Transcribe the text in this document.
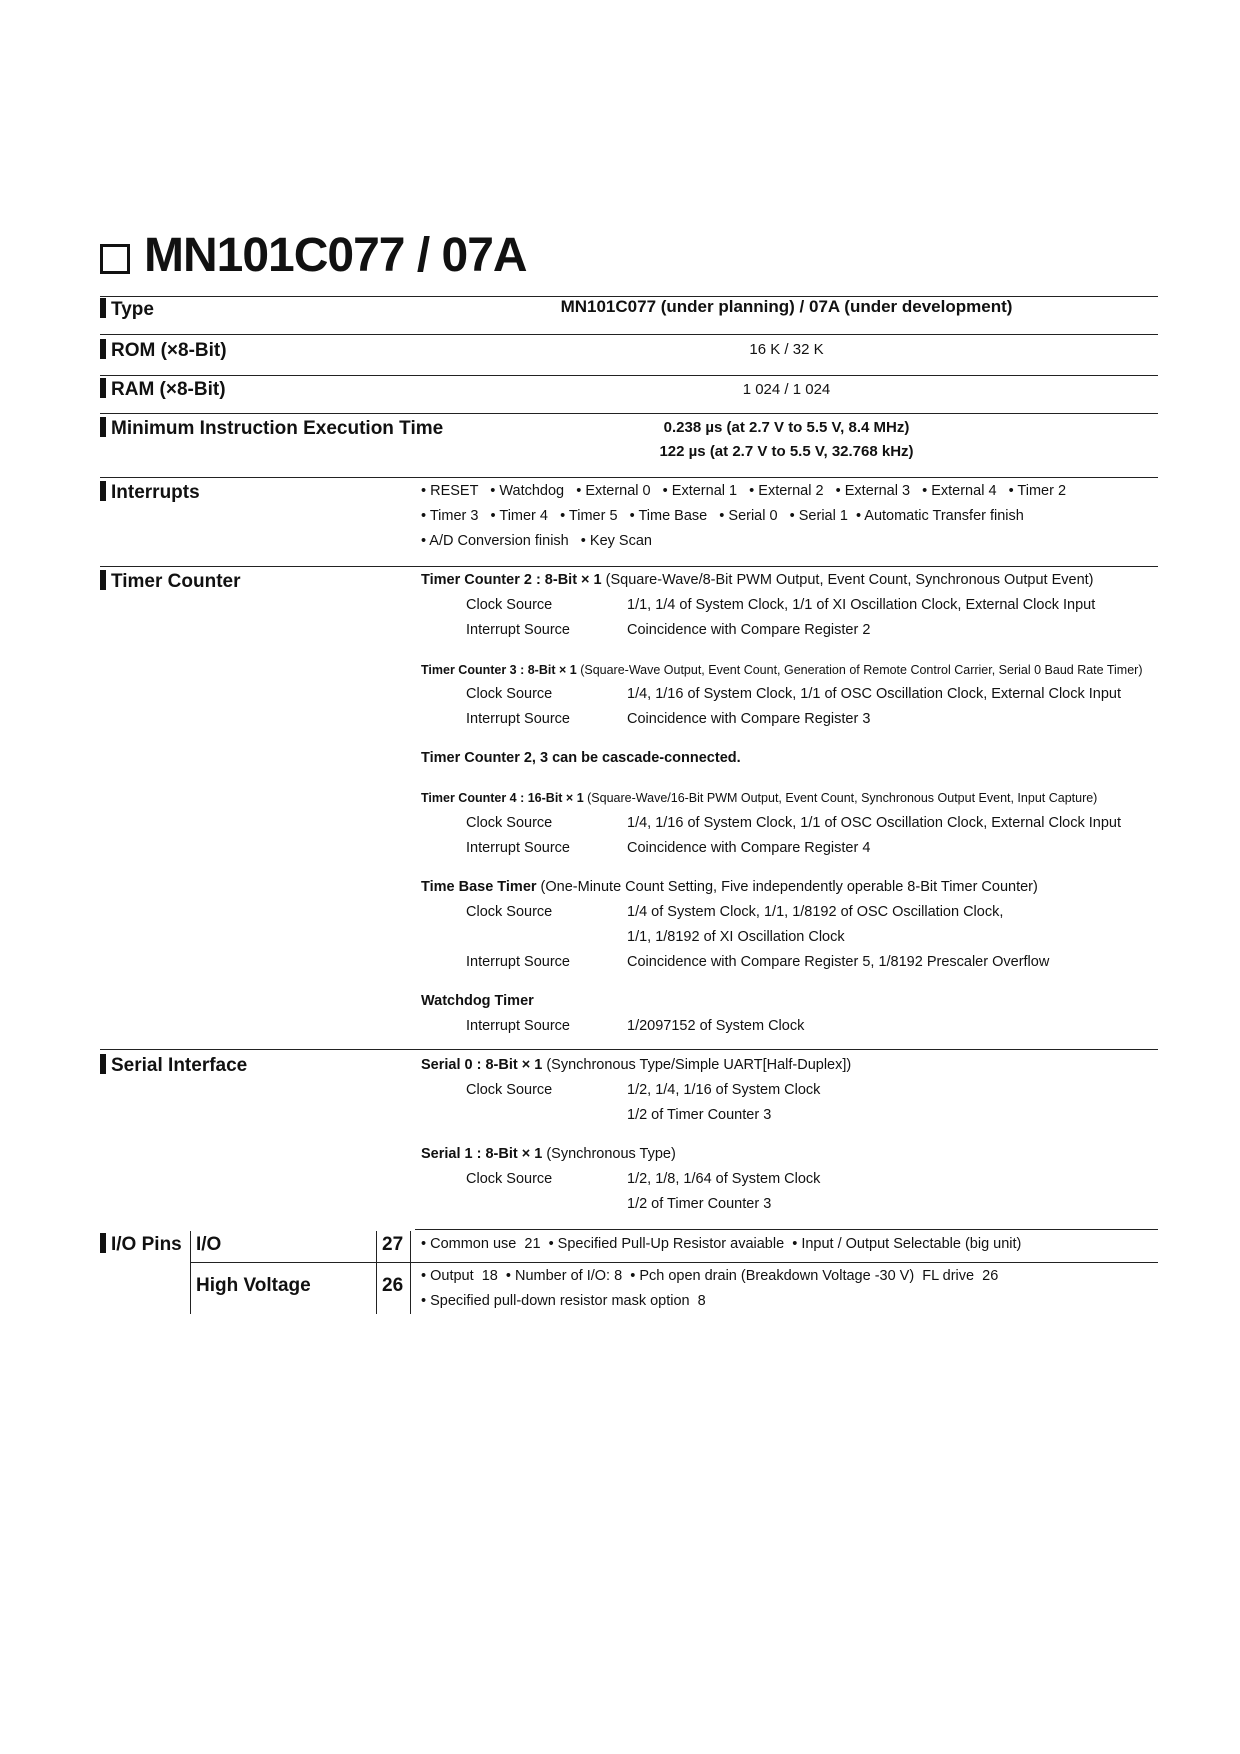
MN101C077 / 07A
Type	MN101C077 (under planning) / 07A (under development)
ROM (×8-Bit)	16 K / 32 K
RAM (×8-Bit)	1 024 / 1 024
Minimum Instruction Execution Time	0.238 µs (at 2.7 V to 5.5 V, 8.4 MHz)
122 µs (at 2.7 V to 5.5 V, 32.768 kHz)
Interrupts	• RESET   • Watchdog   • External 0   • External 1   • External 2   • External 3   • External 4   • Timer 2
• Timer 3   • Timer 4   • Timer 5   • Time Base   • Serial 0   • Serial 1  • Automatic Transfer finish
• A/D Conversion finish   • Key Scan
Timer Counter	Timer Counter 2 : 8-Bit × 1 (Square-Wave/8-Bit PWM Output, Event Count, Synchronous Output Event)
Clock Source	1/1, 1/4 of System Clock, 1/1 of XI Oscillation Clock, External Clock Input
Interrupt Source	Coincidence with Compare Register 2
Timer Counter 3 : 8-Bit × 1 (Square-Wave Output, Event Count, Generation of Remote Control Carrier, Serial 0 Baud Rate Timer)
Clock Source	1/4, 1/16 of System Clock, 1/1 of OSC Oscillation Clock, External Clock Input
Interrupt Source	Coincidence with Compare Register 3
Timer Counter 2, 3 can be cascade-connected.
Timer Counter 4 : 16-Bit × 1 (Square-Wave/16-Bit PWM Output, Event Count, Synchronous Output Event, Input Capture)
Clock Source	1/4, 1/16 of System Clock, 1/1 of OSC Oscillation Clock, External Clock Input
Interrupt Source	Coincidence with Compare Register 4
Time Base Timer (One-Minute Count Setting, Five independently operable 8-Bit Timer Counter)
Clock Source	1/4 of System Clock, 1/1, 1/8192 of OSC Oscillation Clock,
1/1, 1/8192 of XI Oscillation Clock
Interrupt Source	Coincidence with Compare Register 5, 1/8192 Prescaler Overflow
Watchdog Timer
Interrupt Source	1/2097152 of System Clock
Serial Interface	Serial 0 : 8-Bit × 1 (Synchronous Type/Simple UART[Half-Duplex])
Clock Source	1/2, 1/4, 1/16 of System Clock
1/2 of Timer Counter 3
Serial 1 : 8-Bit × 1 (Synchronous Type)
Clock Source	1/2, 1/8, 1/64 of System Clock
1/2 of Timer Counter 3
I/O Pins I/O	27 • Common use  21  • Specified Pull-Up Resistor avaiable  • Input / Output Selectable (big unit)
High Voltage	26 • Output  18  • Number of I/O: 8  • Pch open drain (Breakdown Voltage -30 V)  FL drive  26
• Specified pull-down resistor mask option  8
